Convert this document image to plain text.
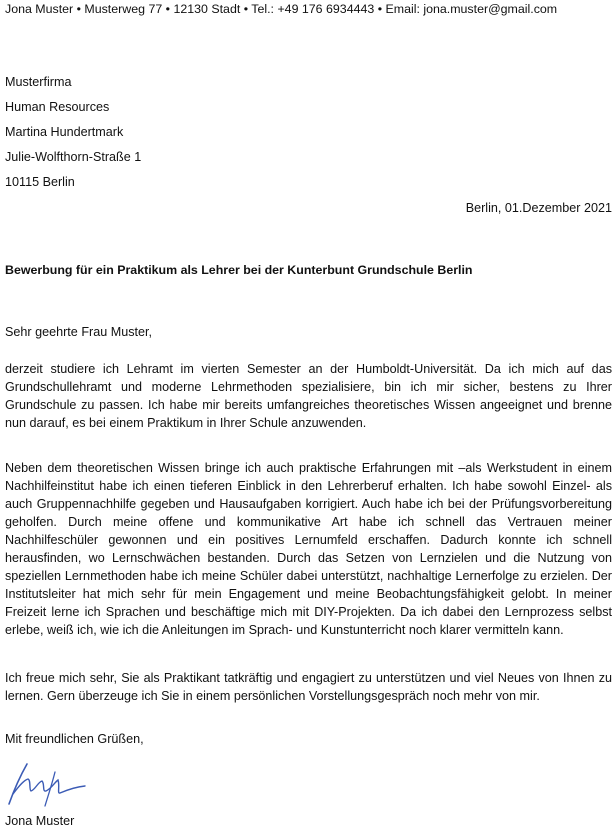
Jona Muster • Musterweg 77 • 12130 Stadt • Tel.: +49 176 6934443 • Email: jona.muster@gmail.com
Musterfirma
Human Resources
Martina Hundertmark
Julie-Wolfthorn-Straße 1
10115 Berlin
Berlin, 01.Dezember 2021
Bewerbung für ein Praktikum als Lehrer bei der Kunterbunt Grundschule Berlin
Sehr geehrte Frau Muster,
derzeit studiere ich Lehramt im vierten Semester an der Humboldt-Universität. Da ich mich auf das Grundschullehramt und moderne Lehrmethoden spezialisiere, bin ich mir sicher, bestens zu Ihrer Grundschule zu passen. Ich habe mir bereits umfangreiches theoretisches Wissen angeeignet und brenne nun darauf, es bei einem Praktikum in Ihrer Schule anzuwenden.
Neben dem theoretischen Wissen bringe ich auch praktische Erfahrungen mit –als Werkstudent in einem Nachhilfeinstitut habe ich einen tieferen Einblick in den Lehrerberuf erhalten. Ich habe sowohl Einzel- als auch Gruppennachhilfe gegeben und Hausaufgaben korrigiert. Auch habe ich bei der Prüfungsvorbereitung geholfen. Durch meine offene und kommunikative Art habe ich schnell das Vertrauen meiner Nachhilfeschüler gewonnen und ein positives Lernumfeld erschaffen. Dadurch konnte ich schnell herausfinden, wo Lernschwächen bestanden. Durch das Setzen von Lernzielen und die Nutzung von speziellen Lernmethoden habe ich meine Schüler dabei unterstützt, nachhaltige Lernerfolge zu erzielen. Der Institutsleiter hat mich sehr für mein Engagement und meine Beobachtungsfähigkeit gelobt. In meiner Freizeit lerne ich Sprachen und beschäftige mich mit DIY-Projekten. Da ich dabei den Lernprozess selbst erlebe, weiß ich, wie ich die Anleitungen im Sprach- und Kunstunterricht noch klarer vermitteln kann.
Ich freue mich sehr, Sie als Praktikant tatkräftig und engagiert zu unterstützen und viel Neues von Ihnen zu lernen. Gern überzeuge ich Sie in einem persönlichen Vorstellungsgespräch noch mehr von mir.
Mit freundlichen Grüßen,
Jona Muster
